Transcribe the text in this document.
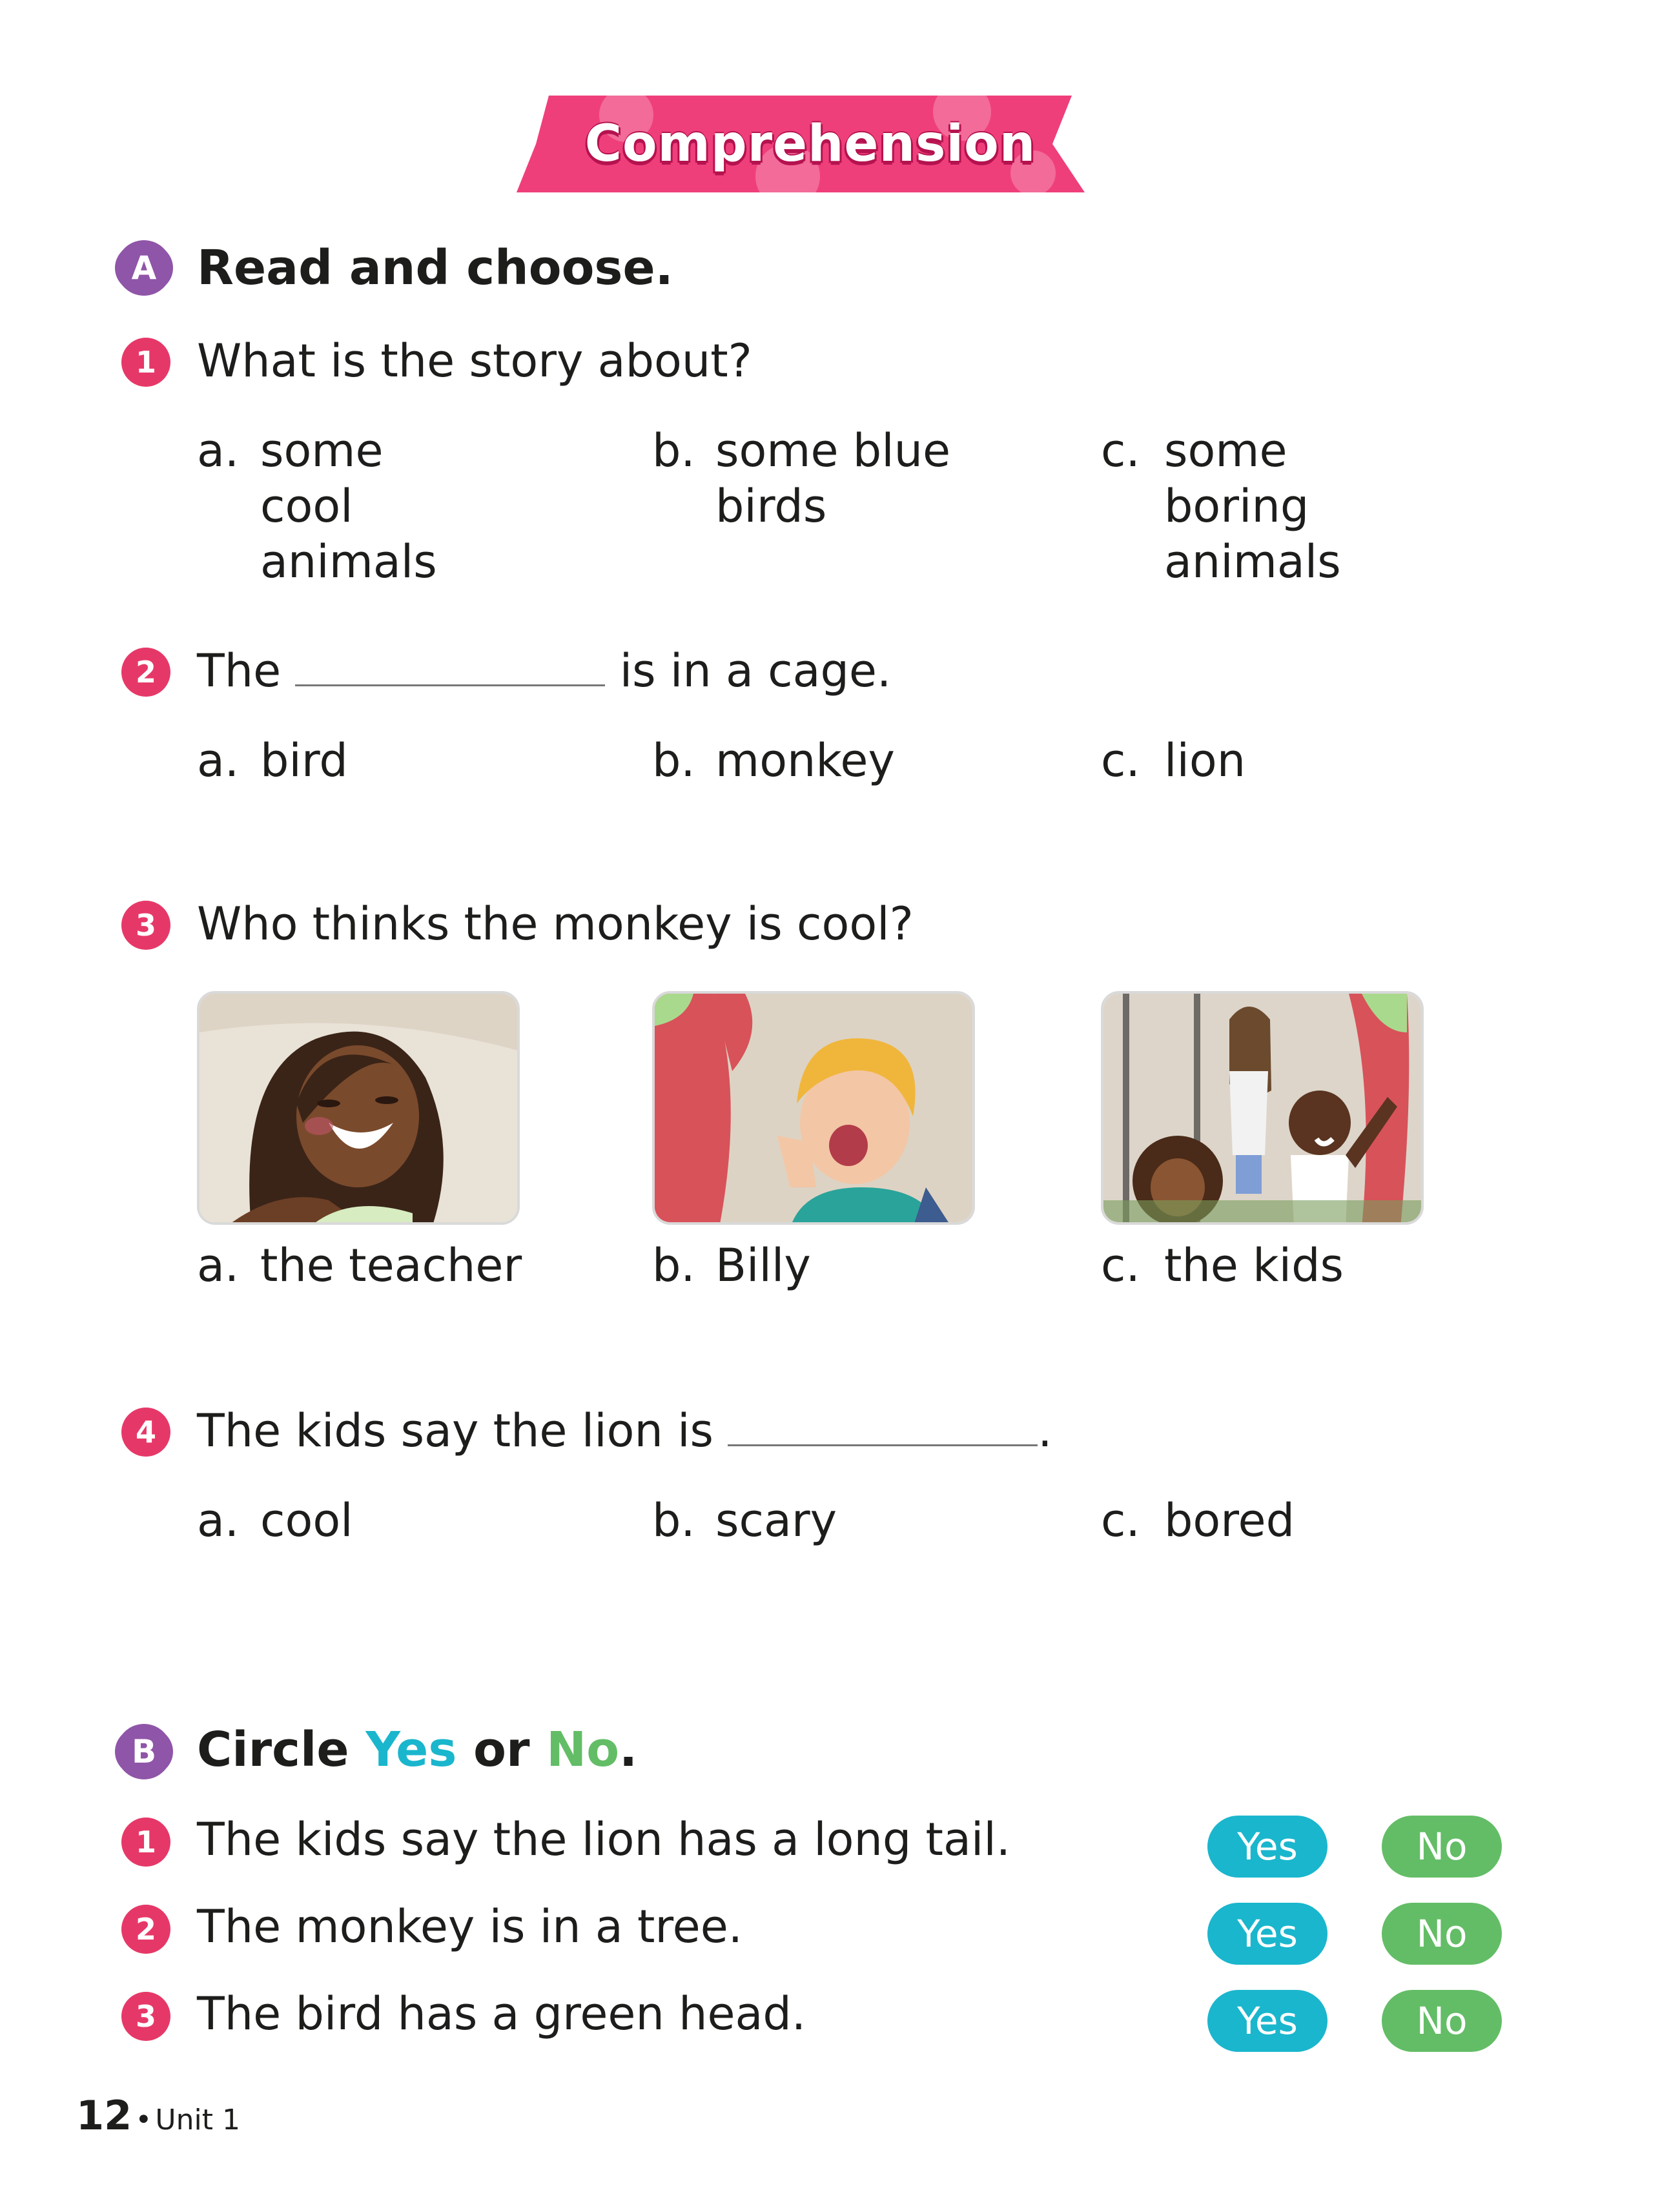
Comprehension
A Read and choose.
1 What is the story about?
a. some cool animals
b. some blue birds
c. some boring animals
2 The	is in a cage.
a. bird	b. monkey	c. lion
3 Who thinks the monkey is cool?
a. the teacher	b. Billy	c. the kids
4 The kids say the lion is	.
a. cool	b. scary	c. bored
B Circle Yes or No.
1 The kids say the lion has a long tail.	Yes	No
2 The monkey is in a tree.	Yes	No
3 The bird has a green head.	Yes	No
12 • Unit 1
